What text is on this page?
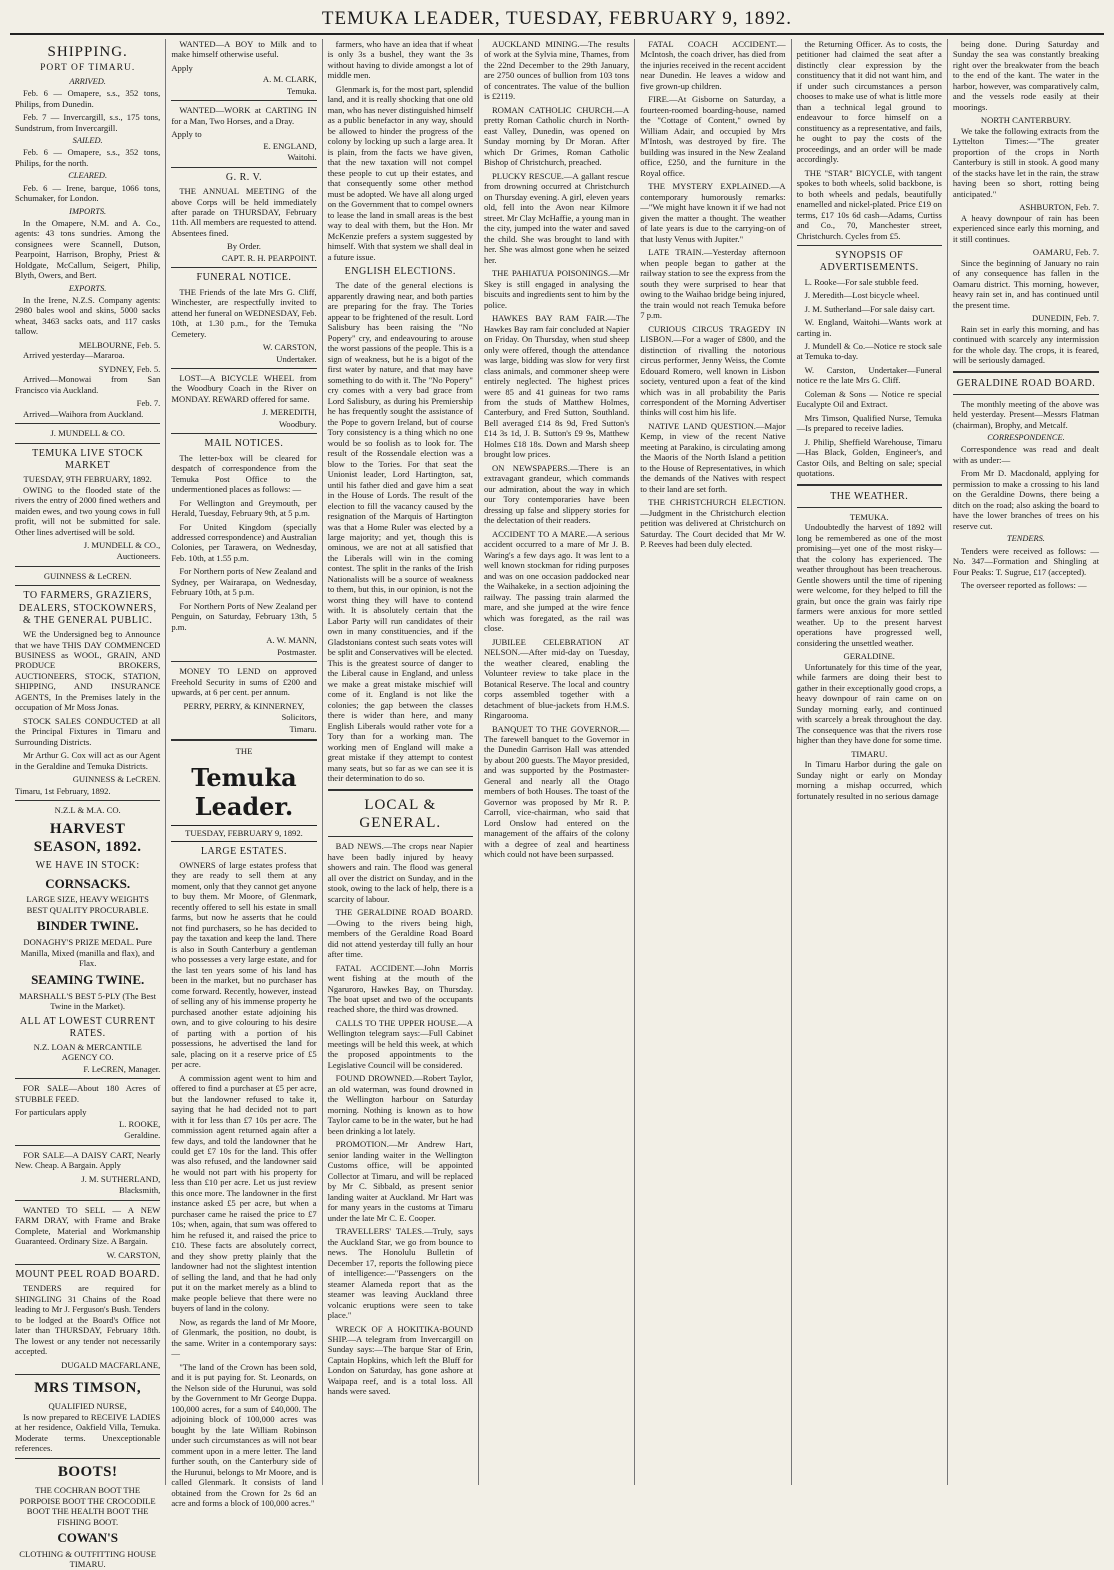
TEMUKA LEADER, TUESDAY, FEBRUARY 9, 1892.
SHIPPING.
PORT OF TIMARU.
ARRIVED.

Feb. 6 — Omapere, s.s., 352 tons, Philips, from Dunedin.

Feb. 7 — Invercargill, s.s., 175 tons, Sundstrum, from Invercargill.

SAILED.

Feb. 6 — Omapere, s.s., 352 tons, Philips, for the north.

CLEARED.

Feb. 6 — Irene, barque, 1066 tons, Schumaker, for London.

IMPORTS.

In the Omapere, N.M. and A. Co., agents: 43 tons sundries. Among the consignees were Scannell, Dutson, Pearpoint, Harrison, Brophy, Priest & Holdgate, McCallum, Seigert, Philip, Blyth, Owers, and Bert.

EXPORTS.

In the Irene, N.Z.S. Company agents: 2980 bales wool and skins, 5000 sacks wheat, 3463 sacks oats, and 117 casks tallow.

MELBOURNE, Feb. 5.

Arrived yesterday—Mararoa.

SYDNEY, Feb. 5.

Arrived—Monowai from San Francisco via Auckland.

Feb. 7.

Arrived—Waihora from Auckland.

J. MUNDELL & CO.
TEMUKA LIVE STOCK MARKET
TUESDAY, 9TH FEBRUARY, 1892.

OWING to the flooded state of the rivers the entry of 2000 fined wethers and maiden ewes, and two young cows in full profit, will not be submitted for sale. Other lines advertised will be sold.

J. MUNDELL & CO.,
Auctioneers.
GUINNESS & LeCREN.
TO FARMERS, GRAZIERS, DEALERS, STOCKOWNERS, & THE GENERAL PUBLIC.

WE the Undersigned beg to Announce that we have THIS DAY COMMENCED BUSINESS as WOOL, GRAIN, AND PRODUCE BROKERS, AUCTIONEERS, STOCK, STATION, SHIPPING, AND INSURANCE AGENTS, In the Premises lately in the occupation of Mr Moss Jonas.

STOCK SALES CONDUCTED at all the Principal Fixtures in Timaru and Surrounding Districts.

Mr Arthur G. Cox will act as our Agent in the Geraldine and Temuka Districts.

GUINNESS & LeCREN.
Timaru, 1st February, 1892.
N.Z.L & M.A. CO.
HARVEST SEASON, 1892.
WE HAVE IN STOCK:
CORNSACKS.
LARGE SIZE, HEAVY WEIGHTS BEST QUALITY PROCURABLE.
BINDER TWINE.
DONAGHY'S PRIZE MEDAL. Pure Manilla, Mixed (manilla and flax), and Flax.
SEAMING TWINE.
MARSHALL'S BEST 5-PLY (The Best Twine in the Market).
ALL AT LOWEST CURRENT RATES.
N.Z. LOAN & MERCANTILE AGENCY CO.
F. LeCREN, Manager.

FOR SALE—About 180 Acres of STUBBLE FEED.

For particulars apply
L. ROOKE,
Geraldine.

FOR SALE—A DAISY CART, Nearly New. Cheap. A Bargain. Apply

J. M. SUTHERLAND,
Blacksmith,

WANTED TO SELL — A NEW FARM DRAY, with Frame and Brake Complete, Material and Workmanship Guaranteed. Ordinary Size. A Bargain.

W. CARSTON,
MOUNT PEEL ROAD BOARD.

TENDERS are required for SHINGLING 31 Chains of the Road leading to Mr J. Ferguson's Bush. Tenders to be lodged at the Board's Office not later than THURSDAY, February 18th. The lowest or any tender not necessarily accepted.

DUGALD MACFARLANE,
MRS TIMSON,
QUALIFIED NURSE,

Is now prepared to RECEIVE LADIES at her residence, Oakfield Villa, Temuka. Moderate terms. Unexceptionable references.

BOOTS!
THE COCHRAN BOOT THE PORPOISE BOOT THE CROCODILE BOOT THE HEALTH BOOT THE FISHING BOOT.
COWAN'S
CLOTHING & OUTFITTING HOUSE
TIMARU.

WANTED—A BOY to Milk and to make himself otherwise useful.

Apply
A. M. CLARK,
Temuka.

WANTED—WORK at CARTING IN for a Man, Two Horses, and a Dray.

Apply to
E. ENGLAND,
Waitohi.
G. R. V.

THE ANNUAL MEETING of the above Corps will be held immediately after parade on THURSDAY, February 11th. All members are requested to attend. Absentees fined.

By Order.
CAPT. R. H. PEARPOINT.
FUNERAL NOTICE.

THE Friends of the late Mrs G. Cliff, Winchester, are respectfully invited to attend her funeral on WEDNESDAY, Feb. 10th, at 1.30 p.m., for the Temuka Cemetery.

W. CARSTON,
Undertaker.

LOST—A BICYCLE WHEEL from the Woodbury Coach in the River on MONDAY. REWARD offered for same.

J. MEREDITH,
Woodbury.
MAIL NOTICES.

The letter-box will be cleared for despatch of correspondence from the Temuka Post Office to the undermentioned places as follows: —

For Wellington and Greymouth, per Herald, Tuesday, February 9th, at 5 p.m.

For United Kingdom (specially addressed correspondence) and Australian Colonies, per Tarawera, on Wednesday, Feb. 10th, at 1.55 p.m.

For Northern ports of New Zealand and Sydney, per Wairarapa, on Wednesday, February 10th, at 5 p.m.

For Northern Ports of New Zealand per Penguin, on Saturday, February 13th, 5 p.m.

A. W. MANN,
Postmaster.

MONEY TO LEND on approved Freehold Security in sums of £200 and upwards, at 6 per cent. per annum.

PERRY, PERRY, & KINNERNEY,
Solicitors,
Timaru.
THE
Temuka Leader.
TUESDAY, FEBRUARY 9, 1892.
LARGE ESTATES.

OWNERS of large estates profess that they are ready to sell them at any moment, only that they cannot get anyone to buy them. Mr Moore, of Glenmark, recently offered to sell his estate in small farms, but now he asserts that he could not find purchasers, so he has decided to pay the taxation and keep the land. There is also in South Canterbury a gentleman who possesses a very large estate, and for the last ten years some of his land has been in the market, but no purchaser has come forward. Recently, however, instead of selling any of his immense property he purchased another estate adjoining his own, and to give colouring to his desire of parting with a portion of his possessions, he advertised the land for sale, placing on it a reserve price of £5 per acre.

A commission agent went to him and offered to find a purchaser at £5 per acre, but the landowner refused to take it, saying that he had decided not to part with it for less than £7 10s per acre. The commission agent returned again after a few days, and told the landowner that he could get £7 10s for the land. This offer was also refused, and the landowner said he would not part with his property for less than £10 per acre. Let us just review this once more. The landowner in the first instance asked £5 per acre, but when a purchaser came he raised the price to £7 10s; when, again, that sum was offered to him he refused it, and raised the price to £10. These facts are absolutely correct, and they show pretty plainly that the landowner had not the slightest intention of selling the land, and that he had only put it on the market merely as a blind to make people believe that there were no buyers of land in the colony.

Now, as regards the land of Mr Moore, of Glenmark, the position, no doubt, is the same. Writer in a contemporary says: —

"The land of the Crown has been sold, and it is put paying for. St. Leonards, on the Nelson side of the Hurunui, was sold by the Government to Mr George Duppa. 100,000 acres, for a sum of £40,000. The adjoining block of 100,000 acres was bought by the late William Robinson under such circumstances as will not bear comment upon in a mere letter. The land further south, on the Canterbury side of the Hurunui, belongs to Mr Moore, and is called Glenmark. It consists of land obtained from the Crown for 2s 6d an acre and forms a block of 100,000 acres."

farmers, who have an idea that if wheat is only 3s a bushel, they want the 3s without having to divide amongst a lot of middle men.

Glenmark is, for the most part, splendid land, and it is really shocking that one old man, who has never distinguished himself as a public benefactor in any way, should be allowed to hinder the progress of the colony by locking up such a large area. It is plain, from the facts we have given, that the new taxation will not compel these people to cut up their estates, and that consequently some other method must be adopted. We have all along urged on the Government that to compel owners to lease the land in small areas is the best way to deal with them, but the Hon. Mr McKenzie prefers a system suggested by himself. With that system we shall deal in a future issue.

ENGLISH ELECTIONS.

The date of the general elections is apparently drawing near, and both parties are preparing for the fray. The Tories appear to be frightened of the result. Lord Salisbury has been raising the "No Popery" cry, and endeavouring to arouse the worst passions of the people. This is a sign of weakness, but he is a bigot of the first water by nature, and that may have something to do with it. The "No Popery" cry comes with a very bad grace from Lord Salisbury, as during his Premiership he has frequently sought the assistance of the Pope to govern Ireland, but of course Tory consistency is a thing which no one would be so foolish as to look for. The result of the Rossendale election was a blow to the Tories. For that seat the Unionist leader, Lord Hartington, sat, until his father died and gave him a seat in the House of Lords. The result of the election to fill the vacancy caused by the resignation of the Marquis of Hartington was that a Home Ruler was elected by a large majority; and yet, though this is ominous, we are not at all satisfied that the Liberals will win in the coming contest. The split in the ranks of the Irish Nationalists will be a source of weakness to them, but this, in our opinion, is not the worst thing they will have to contend with. It is absolutely certain that the Labor Party will run candidates of their own in many constituencies, and if the Gladstonians contest such seats votes will be split and Conservatives will be elected. This is the greatest source of danger to the Liberal cause in England, and unless we make a great mistake mischief will come of it. England is not like the colonies; the gap between the classes there is wider than here, and many English Liberals would rather vote for a Tory than for a working man. The working men of England will make a great mistake if they attempt to contest many seats, but so far as we can see it is their determination to do so.

LOCAL & GENERAL.

BAD NEWS.—The crops near Napier have been badly injured by heavy showers and rain. The flood was general all over the district on Sunday, and in the stook, owing to the lack of help, there is a scarcity of labour.

THE GERALDINE ROAD BOARD.—Owing to the rivers being high, members of the Geraldine Road Board did not attend yesterday till fully an hour after time.

FATAL ACCIDENT.—John Morris went fishing at the mouth of the Ngaruroro, Hawkes Bay, on Thursday. The boat upset and two of the occupants reached shore, the third was drowned.

CALLS TO THE UPPER HOUSE.—A Wellington telegram says:—Full Cabinet meetings will be held this week, at which the proposed appointments to the Legislative Council will be considered.

FOUND DROWNED.—Robert Taylor, an old waterman, was found drowned in the Wellington harbour on Saturday morning. Nothing is known as to how Taylor came to be in the water, but he had been drinking a lot lately.

PROMOTION.—Mr Andrew Hart, senior landing waiter in the Wellington Customs office, will be appointed Collector at Timaru, and will be replaced by Mr C. Sibbald, as present senior landing waiter at Auckland. Mr Hart was for many years in the customs at Timaru under the late Mr C. E. Cooper.

TRAVELLERS' TALES.—Truly, says the Auckland Star, we go from bounce to news. The Honolulu Bulletin of December 17, reports the following piece of intelligence:—"Passengers on the steamer Alameda report that as the steamer was leaving Auckland three volcanic eruptions were seen to take place."

WRECK OF A HOKITIKA-BOUND SHIP.—A telegram from Invercargill on Sunday says:—The barque Star of Erin, Captain Hopkins, which left the Bluff for London on Saturday, has gone ashore at Waipapa reef, and is a total loss. All hands were saved.

AUCKLAND MINING.—The results of work at the Sylvia mine, Thames, from the 22nd December to the 29th January, are 2750 ounces of bullion from 103 tons of concentrates. The value of the bullion is £2119.

ROMAN CATHOLIC CHURCH.—A pretty Roman Catholic church in North-east Valley, Dunedin, was opened on Sunday morning by Dr Moran. After which Dr Grimes, Roman Catholic Bishop of Christchurch, preached.

PLUCKY RESCUE.—A gallant rescue from drowning occurred at Christchurch on Thursday evening. A girl, eleven years old, fell into the Avon near Kilmore street. Mr Clay McHaffie, a young man in the city, jumped into the water and saved the child. She was brought to land with her. She was almost gone when he seized her.

THE PAHIATUA POISONINGS.—Mr Skey is still engaged in analysing the biscuits and ingredients sent to him by the police.

HAWKES BAY RAM FAIR.—The Hawkes Bay ram fair concluded at Napier on Friday. On Thursday, when stud sheep only were offered, though the attendance was large, bidding was slow for very first class animals, and commoner sheep were entirely neglected. The highest prices were 85 and 41 guineas for two rams from the studs of Matthew Holmes, Canterbury, and Fred Sutton, Southland. Bell averaged £14 8s 9d, Fred Sutton's £14 3s 1d, J. B. Sutton's £9 9s, Matthew Holmes £18 18s. Down and Marsh sheep brought low prices.

ON NEWSPAPERS.—There is an extravagant grandeur, which commands our admiration, about the way in which our Tory contemporaries have been dressing up false and slippery stories for the delectation of their readers.

ACCIDENT TO A MARE.—A serious accident occurred to a mare of Mr J. B. Waring's a few days ago. It was lent to a well known stockman for riding purposes and was on one occasion paddocked near the Waihakeke, in a section adjoining the railway. The passing train alarmed the mare, and she jumped at the wire fence which was foregated, as the rail was close.

JUBILEE CELEBRATION AT NELSON.—After mid-day on Tuesday, the weather cleared, enabling the Volunteer review to take place in the Botanical Reserve. The local and country corps assembled together with a detachment of blue-jackets from H.M.S. Ringarooma.

BANQUET TO THE GOVERNOR.—The farewell banquet to the Governor in the Dunedin Garrison Hall was attended by about 200 guests. The Mayor presided, and was supported by the Postmaster-General and nearly all the Otago members of both Houses. The toast of the Governor was proposed by Mr R. P. Carroll, vice-chairman, who said that Lord Onslow had entered on the management of the affairs of the colony with a degree of zeal and heartiness which could not have been surpassed.

FATAL COACH ACCIDENT.—McIntosh, the coach driver, has died from the injuries received in the recent accident near Dunedin. He leaves a widow and five grown-up children.

FIRE.—At Gisborne on Saturday, a fourteen-roomed boarding-house, named the "Cottage of Content," owned by William Adair, and occupied by Mrs M'Intosh, was destroyed by fire. The building was insured in the New Zealand office, £250, and the furniture in the Royal office.

THE MYSTERY EXPLAINED.—A contemporary humorously remarks:—"We might have known it if we had not given the matter a thought. The weather of late years is due to the carrying-on of that lusty Venus with Jupiter."

LATE TRAIN.—Yesterday afternoon when people began to gather at the railway station to see the express from the south they were surprised to hear that owing to the Waihao bridge being injured, the train would not reach Temuka before 7 p.m.

CURIOUS CIRCUS TRAGEDY IN LISBON.—For a wager of £800, and the distinction of rivalling the notorious circus performer, Jenny Weiss, the Comte Edouard Romero, well known in Lisbon society, ventured upon a feat of the kind which was in all probability the Paris correspondent of the Morning Advertiser thinks will cost him his life.

NATIVE LAND QUESTION.—Major Kemp, in view of the recent Native meeting at Parakino, is circulating among the Maoris of the North Island a petition to the House of Representatives, in which the demands of the Natives with respect to their land are set forth.

THE CHRISTCHURCH ELECTION.—Judgment in the Christchurch election petition was delivered at Christchurch on Saturday. The Court decided that Mr W. P. Reeves had been duly elected.

the Returning Officer. As to costs, the petitioner had claimed the seat after a distinctly clear expression by the constituency that it did not want him, and if under such circumstances a person chooses to make use of what is little more than a technical legal ground to endeavour to force himself on a constituency as a representative, and fails, he ought to pay the costs of the proceedings, and an order will be made accordingly.

THE "STAR" BICYCLE, with tangent spokes to both wheels, solid backbone, is to both wheels and pedals, beautifully enamelled and nickel-plated. Price £19 on terms, £17 10s 6d cash—Adams, Curtiss and Co., 70, Manchester street, Christchurch. Cycles from £5.

SYNOPSIS OF ADVERTISEMENTS.

L. Rooke—For sale stubble feed.

J. Meredith—Lost bicycle wheel.

J. M. Sutherland—For sale daisy cart.

W. England, Waitohi—Wants work at carting in.

J. Mundell & Co.—Notice re stock sale at Temuka to-day.

W. Carston, Undertaker—Funeral notice re the late Mrs G. Cliff.

Coleman & Sons — Notice re special Eucalypte Oil and Extract.

Mrs Timson, Qualified Nurse, Temuka—Is prepared to receive ladies.

J. Philip, Sheffield Warehouse, Timaru—Has Black, Golden, Engineer's, and Castor Oils, and Belting on sale; special quotations.

THE WEATHER.
TEMUKA.

Undoubtedly the harvest of 1892 will long be remembered as one of the most promising—yet one of the most risky—that the colony has experienced. The weather throughout has been treacherous. Gentle showers until the time of ripening were welcome, for they helped to fill the grain, but once the grain was fairly ripe farmers were anxious for more settled weather. Up to the present harvest operations have progressed well, considering the unsettled weather.

GERALDINE.

Unfortunately for this time of the year, while farmers are doing their best to gather in their exceptionally good crops, a heavy downpour of rain came on on Sunday morning early, and continued with scarcely a break throughout the day. The consequence was that the rivers rose higher than they have done for some time.

TIMARU.

In Timaru Harbor during the gale on Sunday night or early on Monday morning a mishap occurred, which fortunately resulted in no serious damage

being done. During Saturday and Sunday the sea was constantly breaking right over the breakwater from the beach to the end of the kant. The water in the harbor, however, was comparatively calm, and the vessels rode easily at their moorings.

NORTH CANTERBURY.

We take the following extracts from the Lyttelton Times:—"The greater proportion of the crops in North Canterbury is still in stook. A good many of the stacks have let in the rain, the straw having been so short, rotting being anticipated."

ASHBURTON, Feb. 7.

A heavy downpour of rain has been experienced since early this morning, and it still continues.

OAMARU, Feb. 7.

Since the beginning of January no rain of any consequence has fallen in the Oamaru district. This morning, however, heavy rain set in, and has continued until the present time.

DUNEDIN, Feb. 7.

Rain set in early this morning, and has continued with scarcely any intermission for the whole day. The crops, it is feared, will be seriously damaged.

GERALDINE ROAD BOARD.

The monthly meeting of the above was held yesterday. Present—Messrs Flatman (chairman), Brophy, and Metcalf.

CORRESPONDENCE.

Correspondence was read and dealt with as under:—

From Mr D. Macdonald, applying for permission to make a crossing to his land on the Geraldine Downs, there being a ditch on the road; also asking the board to have the lower branches of trees on his reserve cut.

TENDERS.

Tenders were received as follows: — No. 347—Formation and Shingling at Four Peaks: T. Sugrue, £17 (accepted).

The overseer reported as follows: —
